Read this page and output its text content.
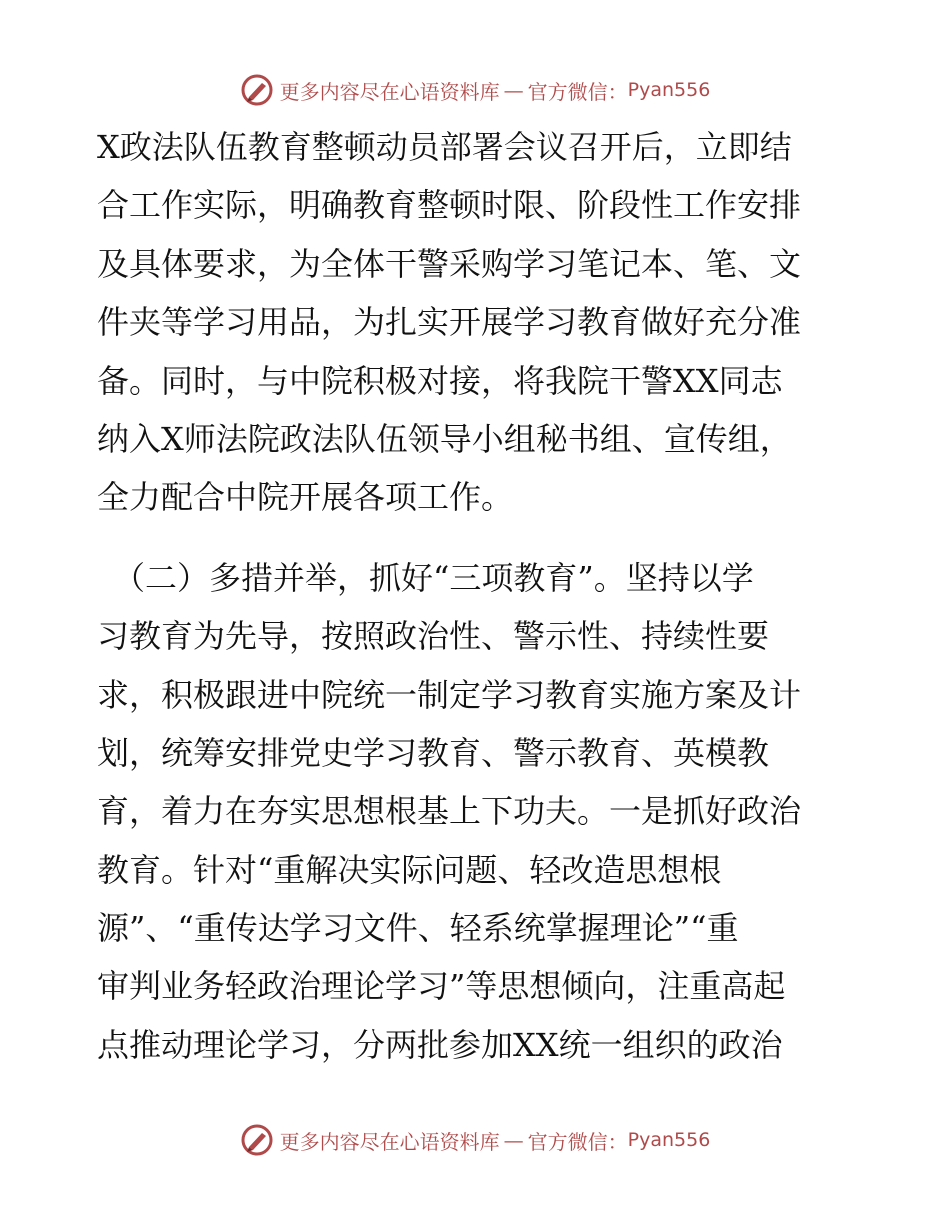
更多内容尽在心语资料库 — 官方微信： Pyan556
X政法队伍教育整顿动员部署会议召开后，立即结
合工作实际，明确教育整顿时限、阶段性工作安排
及具体要求，为全体干警采购学习笔记本、笔、文
件夹等学习用品，为扎实开展学习教育做好充分准
备。同时，与中院积极对接，将我院干警XX同志
纳入X师法院政法队伍领导小组秘书组、宣传组，
全力配合中院开展各项工作。
（二）多措并举，抓好“三项教育”。坚持以学
习教育为先导，按照政治性、警示性、持续性要
求，积极跟进中院统一制定学习教育实施方案及计
划，统筹安排党史学习教育、警示教育、英模教
育，着力在夯实思想根基上下功夫。一是抓好政治
教育。针对“重解决实际问题、轻改造思想根
源”、“重传达学习文件、轻系统掌握理论”“重
审判业务轻政治理论学习”等思想倾向，注重高起
点推动理论学习，分两批参加XX统一组织的政治
更多内容尽在心语资料库 — 官方微信： Pyan556
